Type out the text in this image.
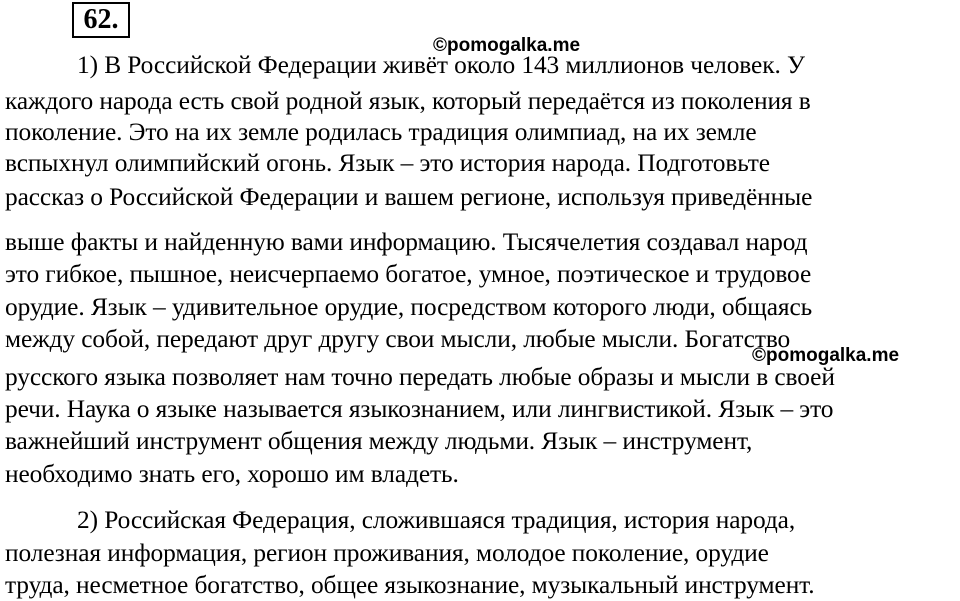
62.
©pomogalka.me
1) В Российской Федерации живёт около 143 миллионов человек. У
каждого народа есть свой родной язык, который передаётся из поколения в
поколение. Это на их земле родилась традиция олимпиад, на их земле
вспыхнул олимпийский огонь. Язык – это история народа. Подготовьте
рассказ о Российской Федерации и вашем регионе, используя приведённые
выше факты и найденную вами информацию. Тысячелетия создавал народ
это гибкое, пышное, неисчерпаемо богатое, умное, поэтическое и трудовое
орудие. Язык – удивительное орудие, посредством которого люди, общаясь
между собой, передают друг другу свои мысли, любые мысли. Богатство
русского языка позволяет нам точно передать любые образы и мысли в своей
речи. Наука о языке называется языкознанием, или лингвистикой. Язык – это
важнейший инструмент общения между людьми. Язык – инструмент,
необходимо знать его, хорошо им владеть.
©pomogalka.me
2) Российская Федерация, сложившаяся традиция, история народа,
полезная информация, регион проживания, молодое поколение, орудие
труда, несметное богатство, общее языкознание, музыкальный инструмент.
